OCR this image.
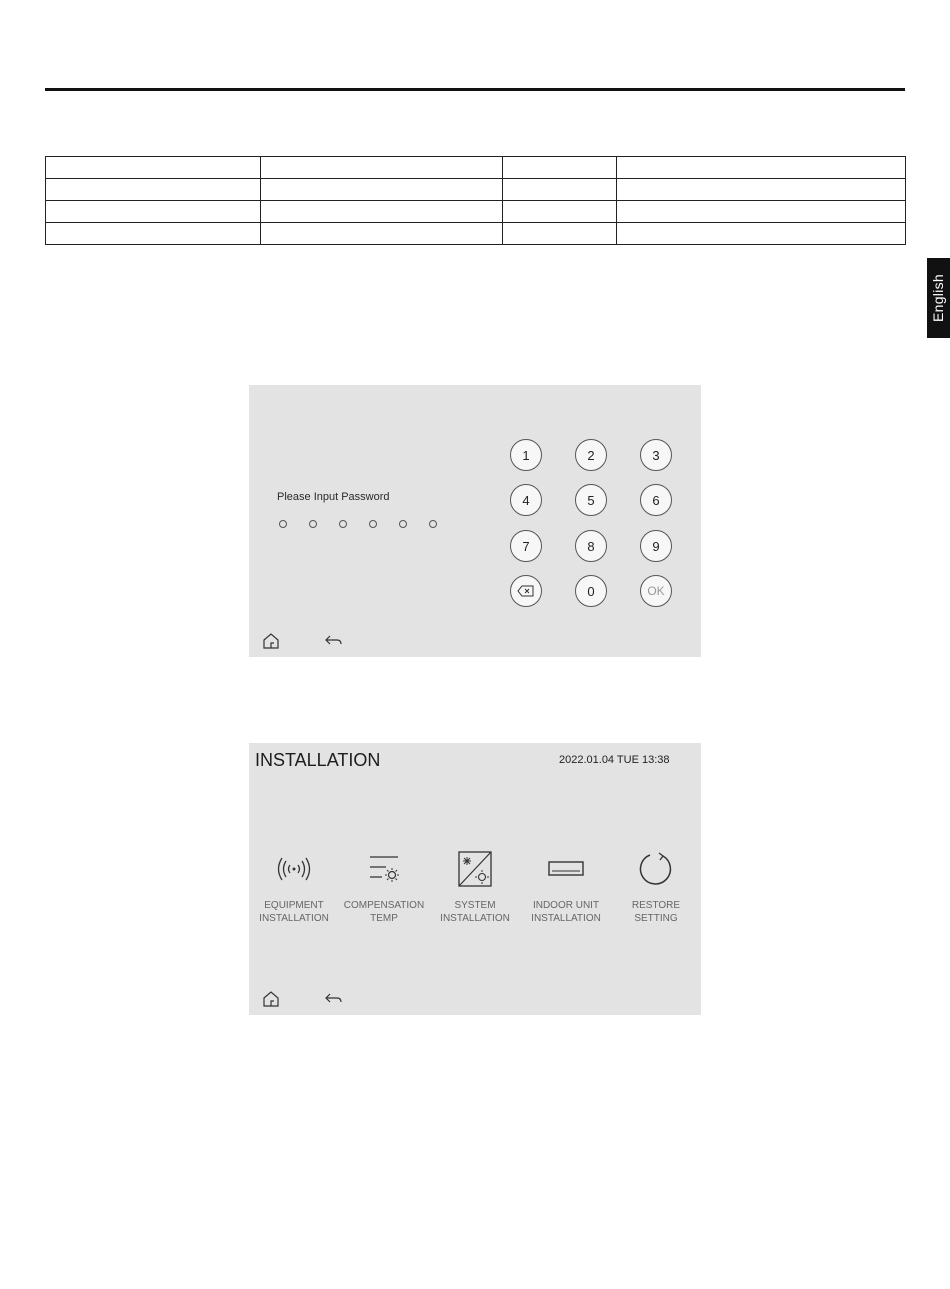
English
Please Input Password
1	2	3
4	5	6
7	8	9
0	OK
INSTALLATION	2022.01.04 TUE 13:38
EQUIPMENT
INSTALLATION
COMPENSATION
TEMP
SYSTEM
INSTALLATION
INDOOR UNIT
INSTALLATION
RESTORE
SETTING
